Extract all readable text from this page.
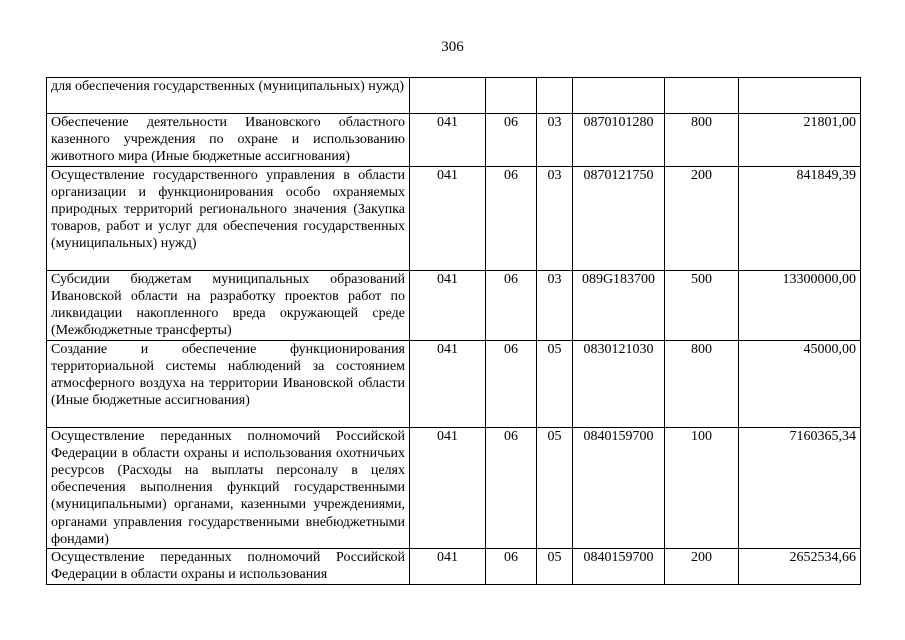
306
для обеспечения государственных (муниципальных) нужд)						
Обеспечение деятельности Ивановского областного казенного учреждения по охране и использованию животного мира (Иные бюджетные ассигнования)	041	06	03	0870101280	800	21801,00
Осуществление государственного управления в области организации и функционирования особо охраняемых природных территорий регионального значения (Закупка товаров, работ и услуг для обеспечения государственных (муниципальных) нужд)	041	06	03	0870121750	200	841849,39
Субсидии бюджетам муниципальных образований Ивановской области на разработку проектов работ по ликвидации накопленного вреда окружающей среде (Межбюджетные трансферты)	041	06	03	089G183700	500	13300000,00
Создание и обеспечение функционирования территориальной системы наблюдений за состоянием атмосферного воздуха на территории Ивановской области (Иные бюджетные ассигнования)	041	06	05	0830121030	800	45000,00
Осуществление переданных полномочий Российской Федерации в области охраны и использования охотничьих ресурсов (Расходы на выплаты персоналу в целях обеспечения выполнения функций государственными (муниципальными) органами, казенными учреждениями, органами управления государственными внебюджетными фондами)	041	06	05	0840159700	100	7160365,34
Осуществление переданных полномочий Российской Федерации в области охраны и использования	041	06	05	0840159700	200	2652534,66
